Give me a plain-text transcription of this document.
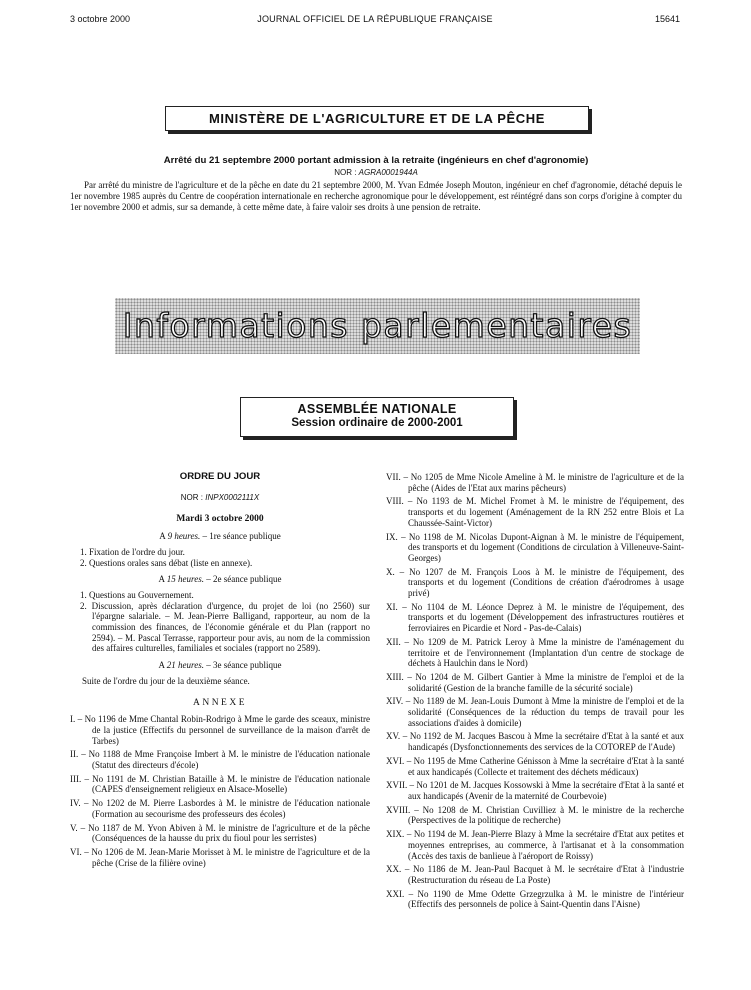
3 octobre 2000	JOURNAL OFFICIEL DE LA RÉPUBLIQUE FRANÇAISE	15641
MINISTÈRE DE L'AGRICULTURE ET DE LA PÊCHE
Arrêté du 21 septembre 2000 portant admission à la retraite (ingénieurs en chef d'agronomie)
NOR : AGRA0001944A
Par arrêté du ministre de l'agriculture et de la pêche en date du 21 septembre 2000, M. Yvan Edmée Joseph Mouton, ingénieur en chef d'agronomie, détaché depuis le 1er novembre 1985 auprès du Centre de coopération internationale en recherche agronomique pour le développement, est réintégré dans son corps d'origine à compter du 1er novembre 2000 et admis, sur sa demande, à cette même date, à faire valoir ses droits à une pension de retraite.
Informations parlementaires
ASSEMBLÉE NATIONALE
Session ordinaire de 2000-2001
ORDRE DU JOUR
NOR : INPX0002111X
Mardi 3 octobre 2000
A 9 heures. – 1re séance publique
1. Fixation de l'ordre du jour.
2. Questions orales sans débat (liste en annexe).
A 15 heures. – 2e séance publique
1. Questions au Gouvernement.
2. Discussion, après déclaration d'urgence, du projet de loi (no 2560) sur l'épargne salariale. – M. Jean-Pierre Balligand, rapporteur, au nom de la commission des finances, de l'économie générale et du Plan (rapport no 2594). – M. Pascal Terrasse, rapporteur pour avis, au nom de la commission des affaires culturelles, familiales et sociales (rapport no 2589).
A 21 heures. – 3e séance publique
Suite de l'ordre du jour de la deuxième séance.
ANNEXE
I. – No 1196 de Mme Chantal Robin-Rodrigo à Mme le garde des sceaux, ministre de la justice (Effectifs du personnel de surveillance de la maison d'arrêt de Tarbes)
II. – No 1188 de Mme Françoise Imbert à M. le ministre de l'éducation nationale (Statut des directeurs d'école)
III. – No 1191 de M. Christian Bataille à M. le ministre de l'éducation nationale (CAPES d'enseignement religieux en Alsace-Moselle)
IV. – No 1202 de M. Pierre Lasbordes à M. le ministre de l'éducation nationale (Formation au secourisme des professeurs des écoles)
V. – No 1187 de M. Yvon Abiven à M. le ministre de l'agriculture et de la pêche (Conséquences de la hausse du prix du fioul pour les serristes)
VI. – No 1206 de M. Jean-Marie Morisset à M. le ministre de l'agriculture et de la pêche (Crise de la filière ovine)
VII. – No 1205 de Mme Nicole Ameline à M. le ministre de l'agriculture et de la pêche (Aides de l'Etat aux marins pêcheurs)
VIII. – No 1193 de M. Michel Fromet à M. le ministre de l'équipement, des transports et du logement (Aménagement de la RN 252 entre Blois et La Chaussée-Saint-Victor)
IX. – No 1198 de M. Nicolas Dupont-Aignan à M. le ministre de l'équipement, des transports et du logement (Conditions de circulation à Villeneuve-Saint-Georges)
X. – No 1207 de M. François Loos à M. le ministre de l'équipement, des transports et du logement (Conditions de création d'aérodromes à usage privé)
XI. – No 1104 de M. Léonce Deprez à M. le ministre de l'équipement, des transports et du logement (Développement des infrastructures routières et ferroviaires en Picardie et Nord - Pas-de-Calais)
XII. – No 1209 de M. Patrick Leroy à Mme la ministre de l'aménagement du territoire et de l'environnement (Implantation d'un centre de stockage de déchets à Haulchin dans le Nord)
XIII. – No 1204 de M. Gilbert Gantier à Mme la ministre de l'emploi et de la solidarité (Gestion de la branche famille de la sécurité sociale)
XIV. – No 1189 de M. Jean-Louis Dumont à Mme la ministre de l'emploi et de la solidarité (Conséquences de la réduction du temps de travail pour les associations d'aides à domicile)
XV. – No 1192 de M. Jacques Bascou à Mme la secrétaire d'Etat à la santé et aux handicapés (Dysfonctionnements des services de la COTOREP de l'Aude)
XVI. – No 1195 de Mme Catherine Génisson à Mme la secrétaire d'Etat à la santé et aux handicapés (Collecte et traitement des déchets médicaux)
XVII. – No 1201 de M. Jacques Kossowski à Mme la secrétaire d'Etat à la santé et aux handicapés (Avenir de la maternité de Courbevoie)
XVIII. – No 1208 de M. Christian Cuvilliez à M. le ministre de la recherche (Perspectives de la politique de recherche)
XIX. – No 1194 de M. Jean-Pierre Blazy à Mme la secrétaire d'Etat aux petites et moyennes entreprises, au commerce, à l'artisanat et à la consommation (Accès des taxis de banlieue à l'aéroport de Roissy)
XX. – No 1186 de M. Jean-Paul Bacquet à M. le secrétaire d'Etat à l'industrie (Restructuration du réseau de La Poste)
XXI. – No 1190 de Mme Odette Grzegrzulka à M. le ministre de l'intérieur (Effectifs des personnels de police à Saint-Quentin dans l'Aisne)
